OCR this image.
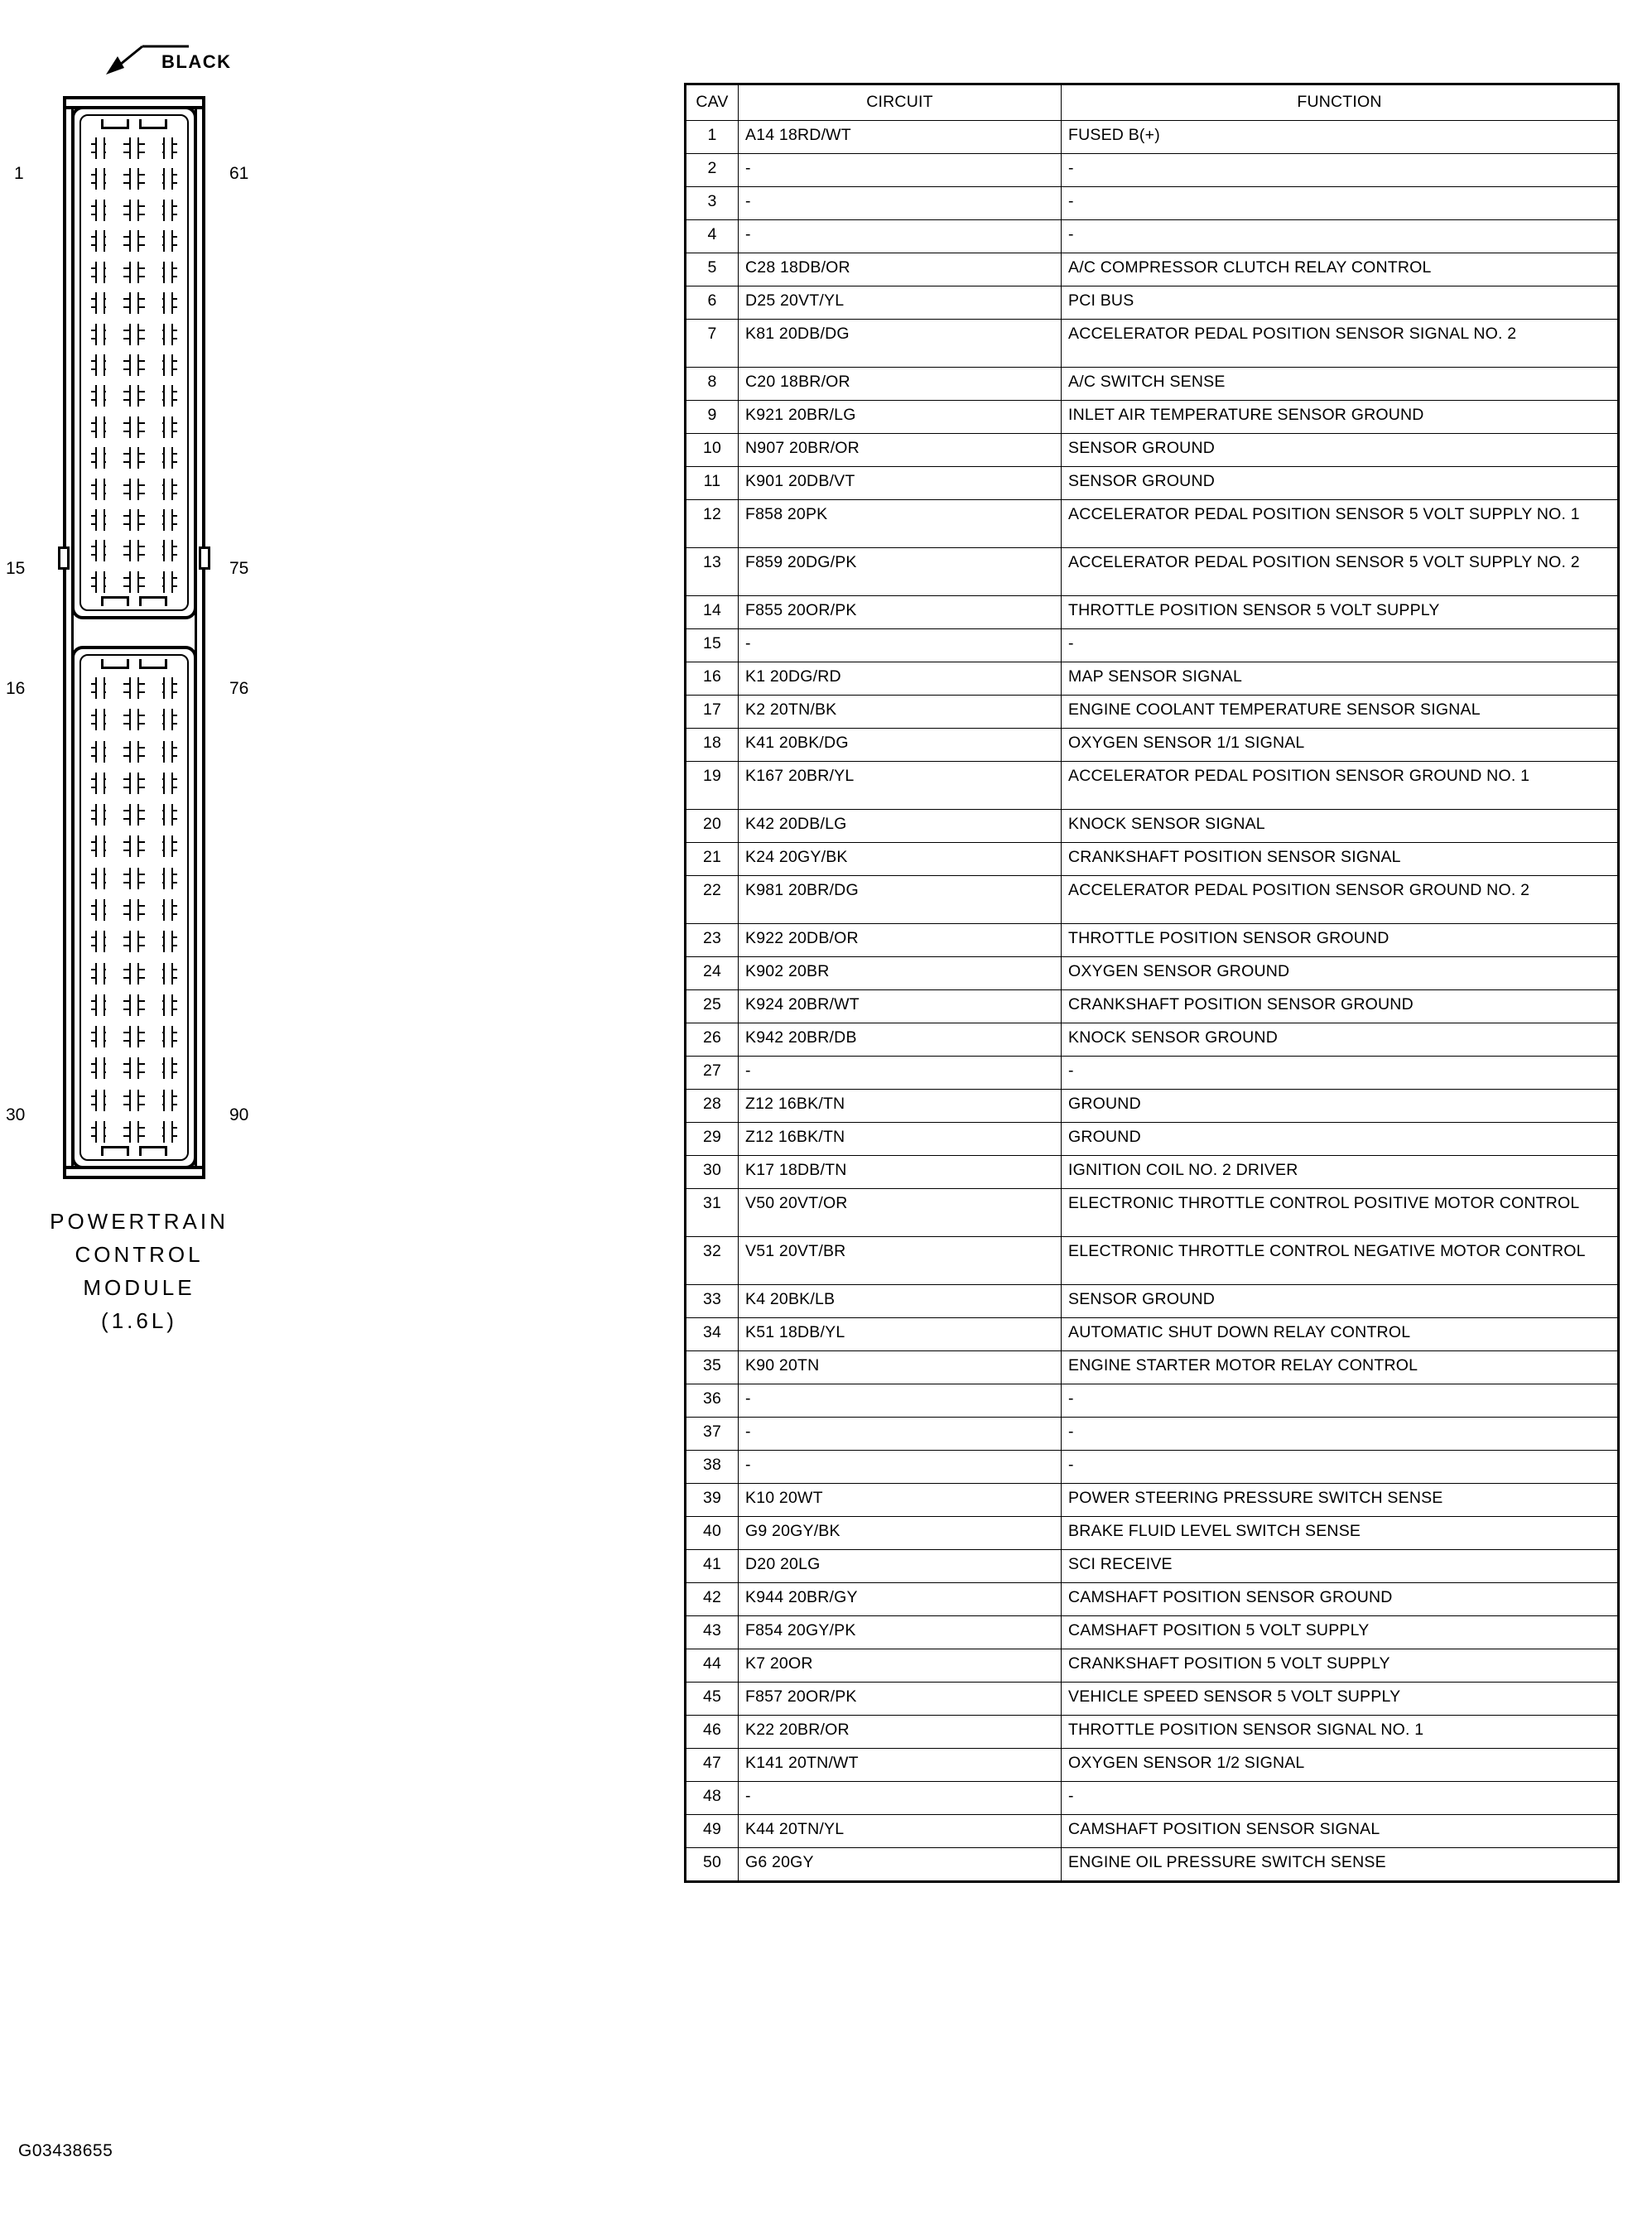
BLACK
1	61
15	75
16	76
30	90
POWERTRAIN
CONTROL
MODULE
(1.6L)
G03438655
CAV	CIRCUIT	FUNCTION
1	A14 18RD/WT	FUSED B(+)
2	-	-
3	-	-
4	-	-
5	C28 18DB/OR	A/C COMPRESSOR CLUTCH RELAY CONTROL
6	D25 20VT/YL	PCI BUS
7	K81 20DB/DG	ACCELERATOR PEDAL POSITION SENSOR SIGNAL NO. 2
8	C20 18BR/OR	A/C SWITCH SENSE
9	K921 20BR/LG	INLET AIR TEMPERATURE SENSOR GROUND
10	N907 20BR/OR	SENSOR GROUND
11	K901 20DB/VT	SENSOR GROUND
12	F858 20PK	ACCELERATOR PEDAL POSITION SENSOR 5 VOLT SUPPLY NO. 1
13	F859 20DG/PK	ACCELERATOR PEDAL POSITION SENSOR 5 VOLT SUPPLY NO. 2
14	F855 20OR/PK	THROTTLE POSITION SENSOR 5 VOLT SUPPLY
15	-	-
16	K1 20DG/RD	MAP SENSOR SIGNAL
17	K2 20TN/BK	ENGINE COOLANT TEMPERATURE SENSOR SIGNAL
18	K41 20BK/DG	OXYGEN SENSOR 1/1 SIGNAL
19	K167 20BR/YL	ACCELERATOR PEDAL POSITION SENSOR GROUND NO. 1
20	K42 20DB/LG	KNOCK SENSOR SIGNAL
21	K24 20GY/BK	CRANKSHAFT POSITION SENSOR SIGNAL
22	K981 20BR/DG	ACCELERATOR PEDAL POSITION SENSOR GROUND NO. 2
23	K922 20DB/OR	THROTTLE POSITION SENSOR GROUND
24	K902 20BR	OXYGEN SENSOR GROUND
25	K924 20BR/WT	CRANKSHAFT POSITION SENSOR GROUND
26	K942 20BR/DB	KNOCK SENSOR GROUND
27	-	-
28	Z12 16BK/TN	GROUND
29	Z12 16BK/TN	GROUND
30	K17 18DB/TN	IGNITION COIL NO. 2 DRIVER
31	V50 20VT/OR	ELECTRONIC THROTTLE CONTROL POSITIVE MOTOR CONTROL
32	V51 20VT/BR	ELECTRONIC THROTTLE CONTROL NEGATIVE MOTOR CONTROL
33	K4 20BK/LB	SENSOR GROUND
34	K51 18DB/YL	AUTOMATIC SHUT DOWN RELAY CONTROL
35	K90 20TN	ENGINE STARTER MOTOR RELAY CONTROL
36	-	-
37	-	-
38	-	-
39	K10 20WT	POWER STEERING PRESSURE SWITCH SENSE
40	G9 20GY/BK	BRAKE FLUID LEVEL SWITCH SENSE
41	D20 20LG	SCI RECEIVE
42	K944 20BR/GY	CAMSHAFT POSITION SENSOR GROUND
43	F854 20GY/PK	CAMSHAFT POSITION 5 VOLT SUPPLY
44	K7 20OR	CRANKSHAFT POSITION 5 VOLT SUPPLY
45	F857 20OR/PK	VEHICLE SPEED SENSOR 5 VOLT SUPPLY
46	K22 20BR/OR	THROTTLE POSITION SENSOR SIGNAL NO. 1
47	K141 20TN/WT	OXYGEN SENSOR 1/2 SIGNAL
48	-	-
49	K44 20TN/YL	CAMSHAFT POSITION SENSOR SIGNAL
50	G6 20GY	ENGINE OIL PRESSURE SWITCH SENSE
